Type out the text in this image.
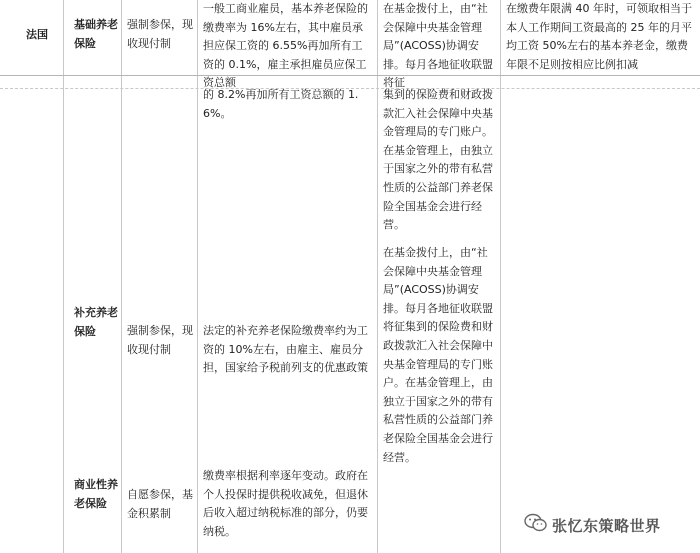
法国
基础养老保险
强制参保，现收现付制
一般工商业雇员，基本养老保险的缴费率为 16%左右，其中雇员承担应保工资的 6.55%再加所有工资的 0.1%，雇主承担雇员应保工资总额
的 8.2%再加所有工资总额的 1.6%。
在基金拨付上，由“社会保障中央基金管理局”(ACOSS)协调安排。每月各地征收联盟将征
集到的保险费和财政拨款汇入社会保障中央基金管理局的专门账户。在基金管理上，由独立于国家之外的带有私营性质的公益部门养老保险全国基金会进行经营。
在缴费年限满 40 年时，可领取相当于本人工作期间工资最高的 25 年的月平均工资 50%左右的基本养老金，缴费年限不足则按相应比例扣减
补充养老保险	强制参保，现收现付制
法定的补充养老保险缴费率约为工资的 10%左右，由雇主、雇员分担，国家给予税前列支的优惠政策
在基金拨付上，由“社会保障中央基金管理局”(ACOSS)协调安排。每月各地征收联盟将征集到的保险费和财政拨款汇入社会保障中央基金管理局的专门账户。在基金管理上，由独立于国家之外的带有私营性质的公益部门养老保险全国基金会进行经营。
商业性养老保险
自愿参保，基金积累制
缴费率根据利率逐年变动。政府在个人投保时提供税收减免，但退休后收入超过纳税标准的部分，仍要纳税。	张忆东策略世界
